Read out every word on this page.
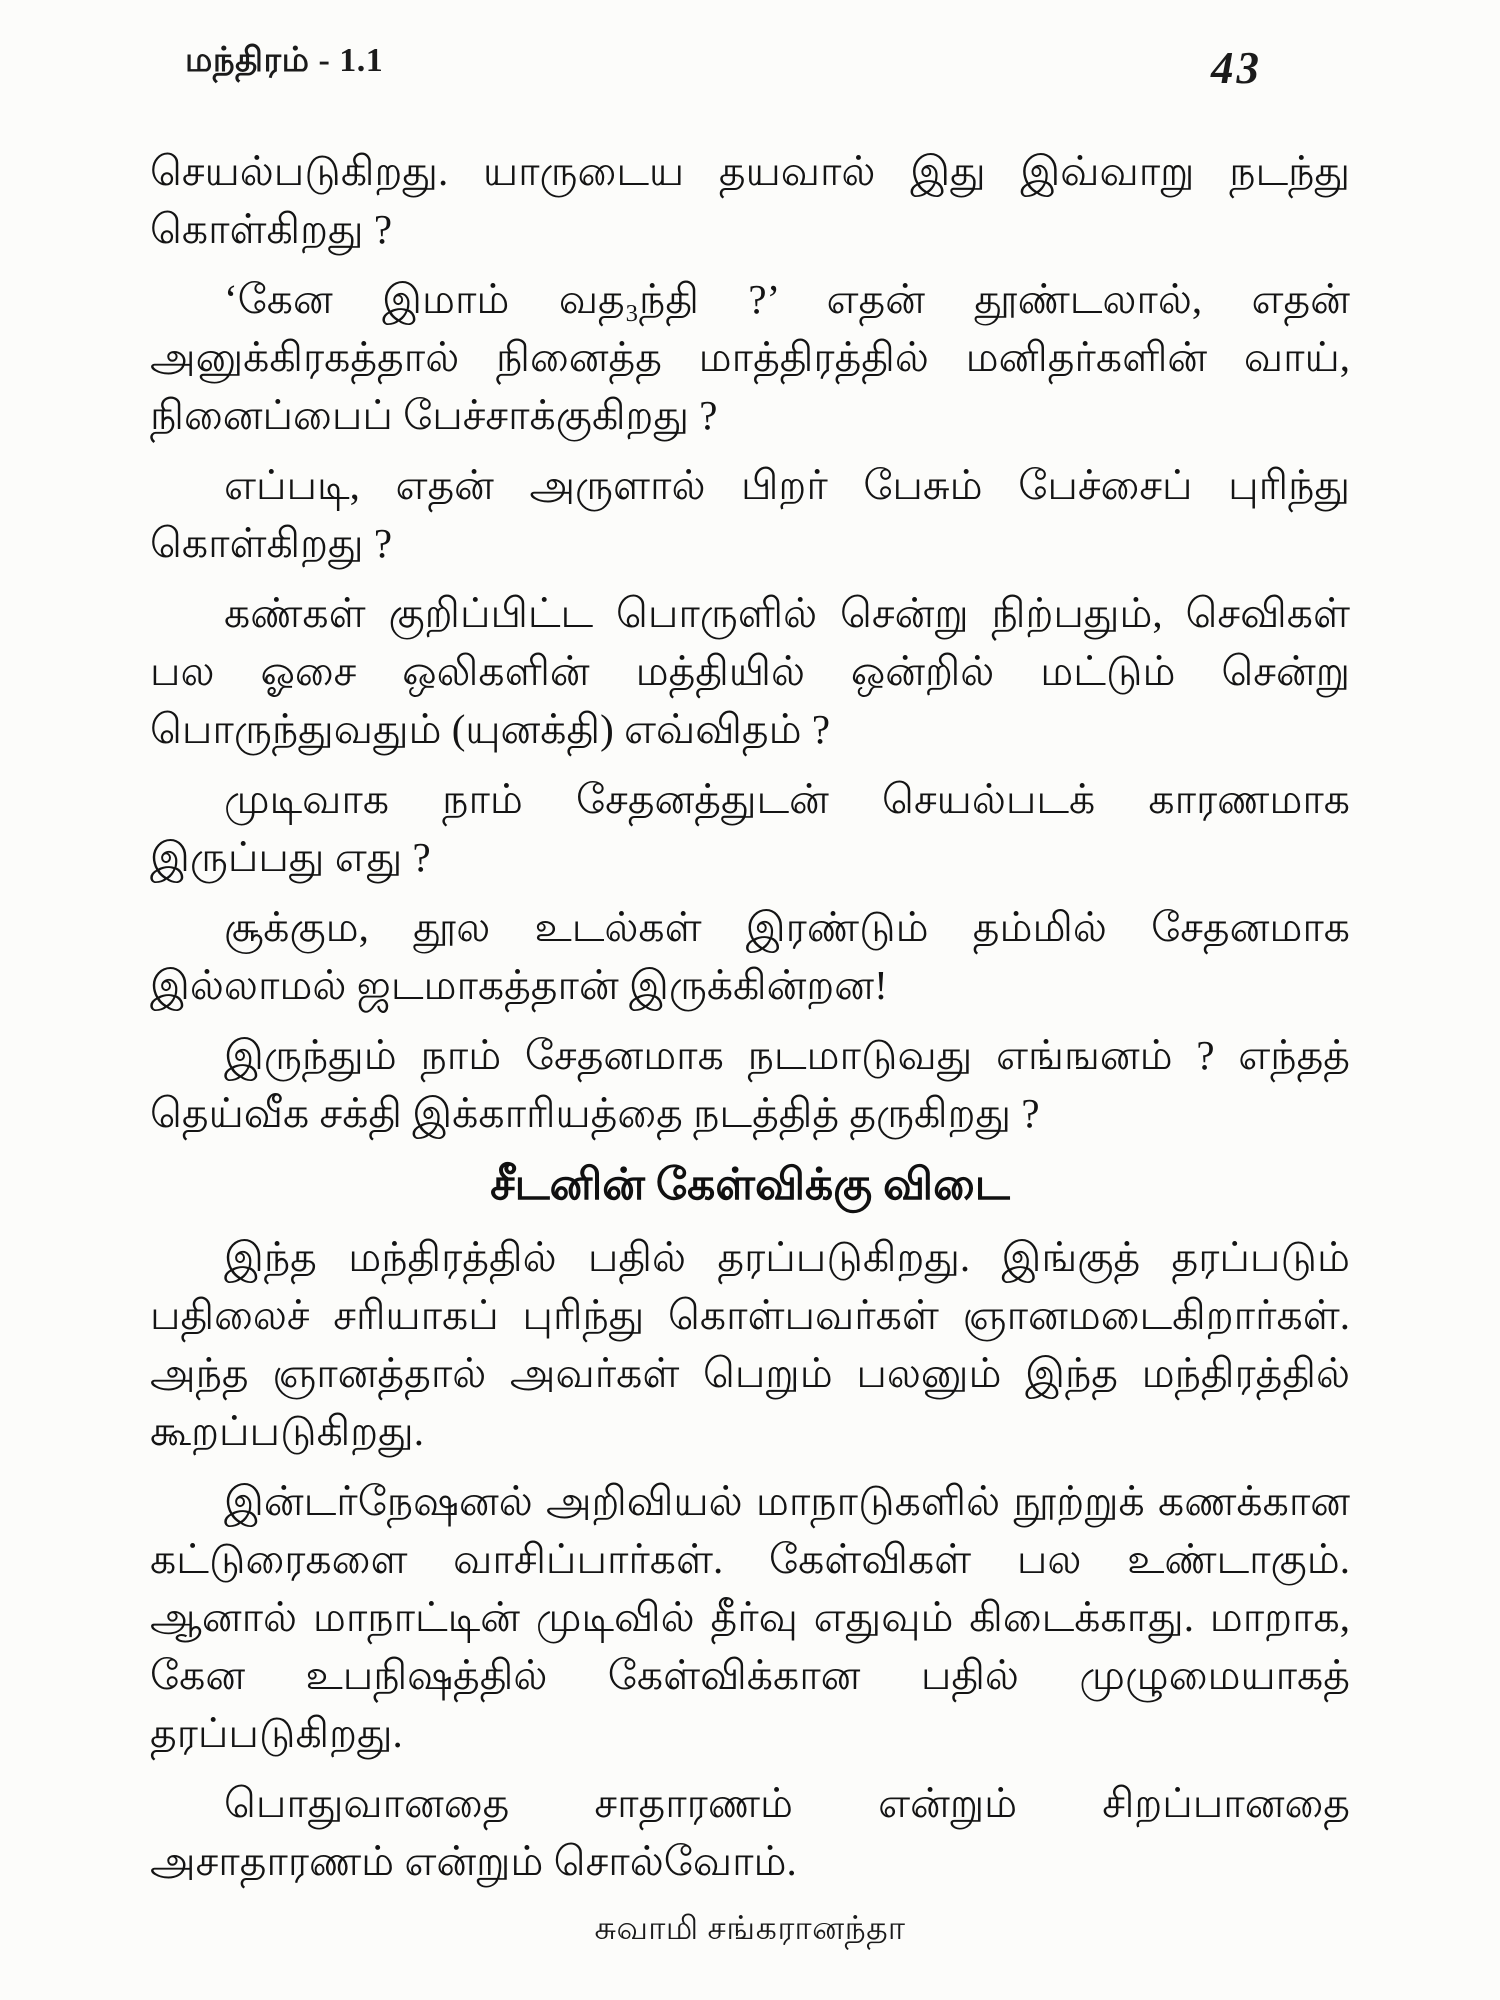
மந்திரம் - 1.1	43

செயல்படுகிறது. யாருடைய தயவால் இது இவ்வாறு நடந்து கொள்கிறது ?

‘கேன இமாம் வத₃ந்தி ?’ எதன் தூண்டலால், எதன் அனுக்கிரகத்தால் நினைத்த மாத்திரத்தில் மனிதர்களின் வாய், நினைப்பைப் பேச்சாக்குகிறது ?

எப்படி, எதன் அருளால் பிறர் பேசும் பேச்சைப் புரிந்து கொள்கிறது ?

கண்கள் குறிப்பிட்ட பொருளில் சென்று நிற்பதும், செவிகள் பல ஓசை ஒலிகளின் மத்தியில் ஒன்றில் மட்டும் சென்று பொருந்துவதும் (யுனக்தி) எவ்விதம் ?

முடிவாக நாம் சேதனத்துடன் செயல்படக் காரணமாக இருப்பது எது ?

சூக்கும, தூல உடல்கள் இரண்டும் தம்மில் சேதனமாக இல்லாமல் ஜடமாகத்தான் இருக்கின்றன!

இருந்தும் நாம் சேதனமாக நடமாடுவது எங்ஙனம் ? எந்தத் தெய்வீக சக்தி இக்காரியத்தை நடத்தித் தருகிறது ?

சீடனின் கேள்விக்கு விடை

இந்த மந்திரத்தில் பதில் தரப்படுகிறது. இங்குத் தரப்படும் பதிலைச் சரியாகப் புரிந்து கொள்பவர்கள் ஞானமடைகிறார்கள். அந்த ஞானத்தால் அவர்கள் பெறும் பலனும் இந்த மந்திரத்தில் கூறப்படுகிறது.

இன்டர்நேஷனல் அறிவியல் மாநாடுகளில் நூற்றுக் கணக்கான கட்டுரைகளை வாசிப்பார்கள். கேள்விகள் பல உண்டாகும். ஆனால் மாநாட்டின் முடிவில் தீர்வு எதுவும் கிடைக்காது. மாறாக, கேன உபநிஷத்தில் கேள்விக்கான பதில் முழுமையாகத் தரப்படுகிறது.

பொதுவானதை சாதாரணம் என்றும் சிறப்பானதை அசாதாரணம் என்றும் சொல்வோம்.

சுவாமி சங்கரானந்தா
